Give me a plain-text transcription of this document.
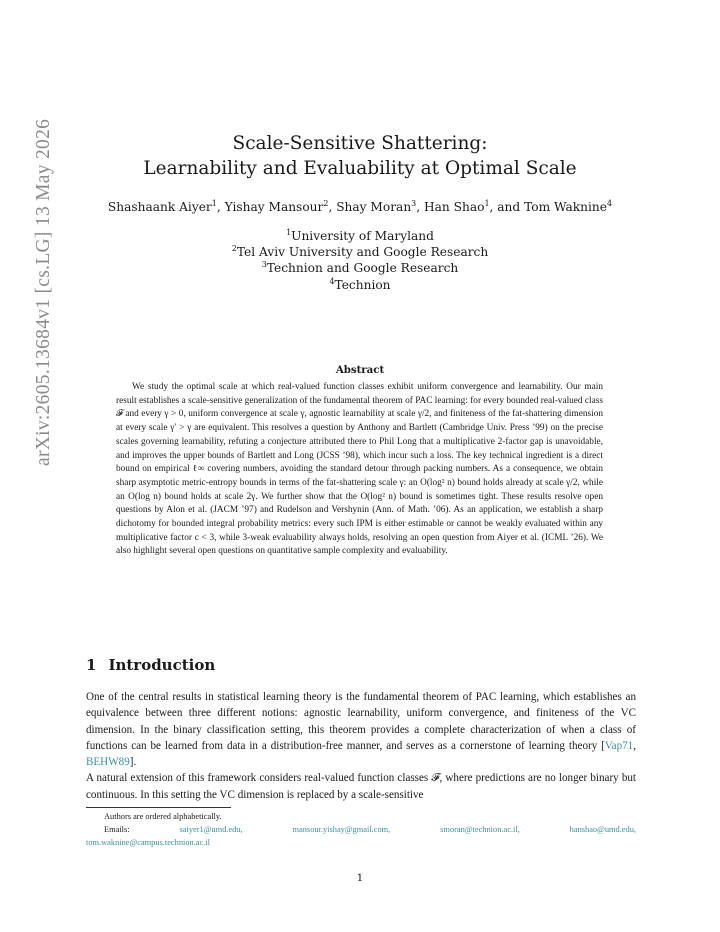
arXiv:2605.13684v1 [cs.LG] 13 May 2026	Scale-Sensitive Shattering:
Learnability and Evaluability at Optimal Scale
Shashaank Aiyer$^1$, Yishay Mansour$^2$, Shay Moran$^3$, Han Shao$^1$, and Tom Waknine$^4$
$^1$University of Maryland
$^2$Tel Aviv University and Google Research
$^3$Technion and Google Research
$^4$Technion
Abstract
We study the optimal scale at which real-valued function classes exhibit uniform convergence and learnability. Our main result establishes a scale-sensitive generalization of the fundamental theorem of PAC learning: for every bounded real-valued class 𝓕 and every γ > 0, uniform convergence at scale γ, agnostic learnability at scale γ/2, and finiteness of the fat-shattering dimension at every scale γ′ > γ are equivalent. This resolves a question by Anthony and Bartlett (Cambridge Univ. Press ’99) on the precise scales governing learnability, refuting a conjecture attributed there to Phil Long that a multiplicative 2-factor gap is unavoidable, and improves the upper bounds of Bartlett and Long (JCSS ’98), which incur such a loss. The key technical ingredient is a direct bound on empirical ℓ∞ covering numbers, avoiding the standard detour through packing numbers. As a consequence, we obtain sharp asymptotic metric-entropy bounds in terms of the fat-shattering scale γ: an O(log² n) bound holds already at scale γ/2, while an O(log n) bound holds at scale 2γ. We further show that the O(log² n) bound is sometimes tight. These results resolve open questions by Alon et al. (JACM ’97) and Rudelson and Vershynin (Ann. of Math. ’06). As an application, we establish a sharp dichotomy for bounded integral probability metrics: every such IPM is either estimable or cannot be weakly evaluated within any multiplicative factor c < 3, while 3-weak evaluability always holds, resolving an open question from Aiyer et al. (ICML ’26). We also highlight several open questions on quantitative sample complexity and evaluability.
1 Introduction

One of the central results in statistical learning theory is the fundamental theorem of PAC learning, which establishes an equivalence between three different notions: agnostic learnability, uniform convergence, and finiteness of the VC dimension. In the binary classification setting, this theorem provides a complete characterization of when a class of functions can be learned from data in a distribution-free manner, and serves as a cornerstone of learning theory [Vap71, BEHW89].

A natural extension of this framework considers real-valued function classes 𝓕, where predictions are no longer binary but continuous. In this setting the VC dimension is replaced by a scale-sensitive

Authors are ordered alphabetically.
Emails:	saiyer1@umd.edu,	mansour.yishay@gmail.com,	smoran@technion.ac.il,	hanshao@umd.edu,
tom.waknine@campus.technion.ac.il
1
